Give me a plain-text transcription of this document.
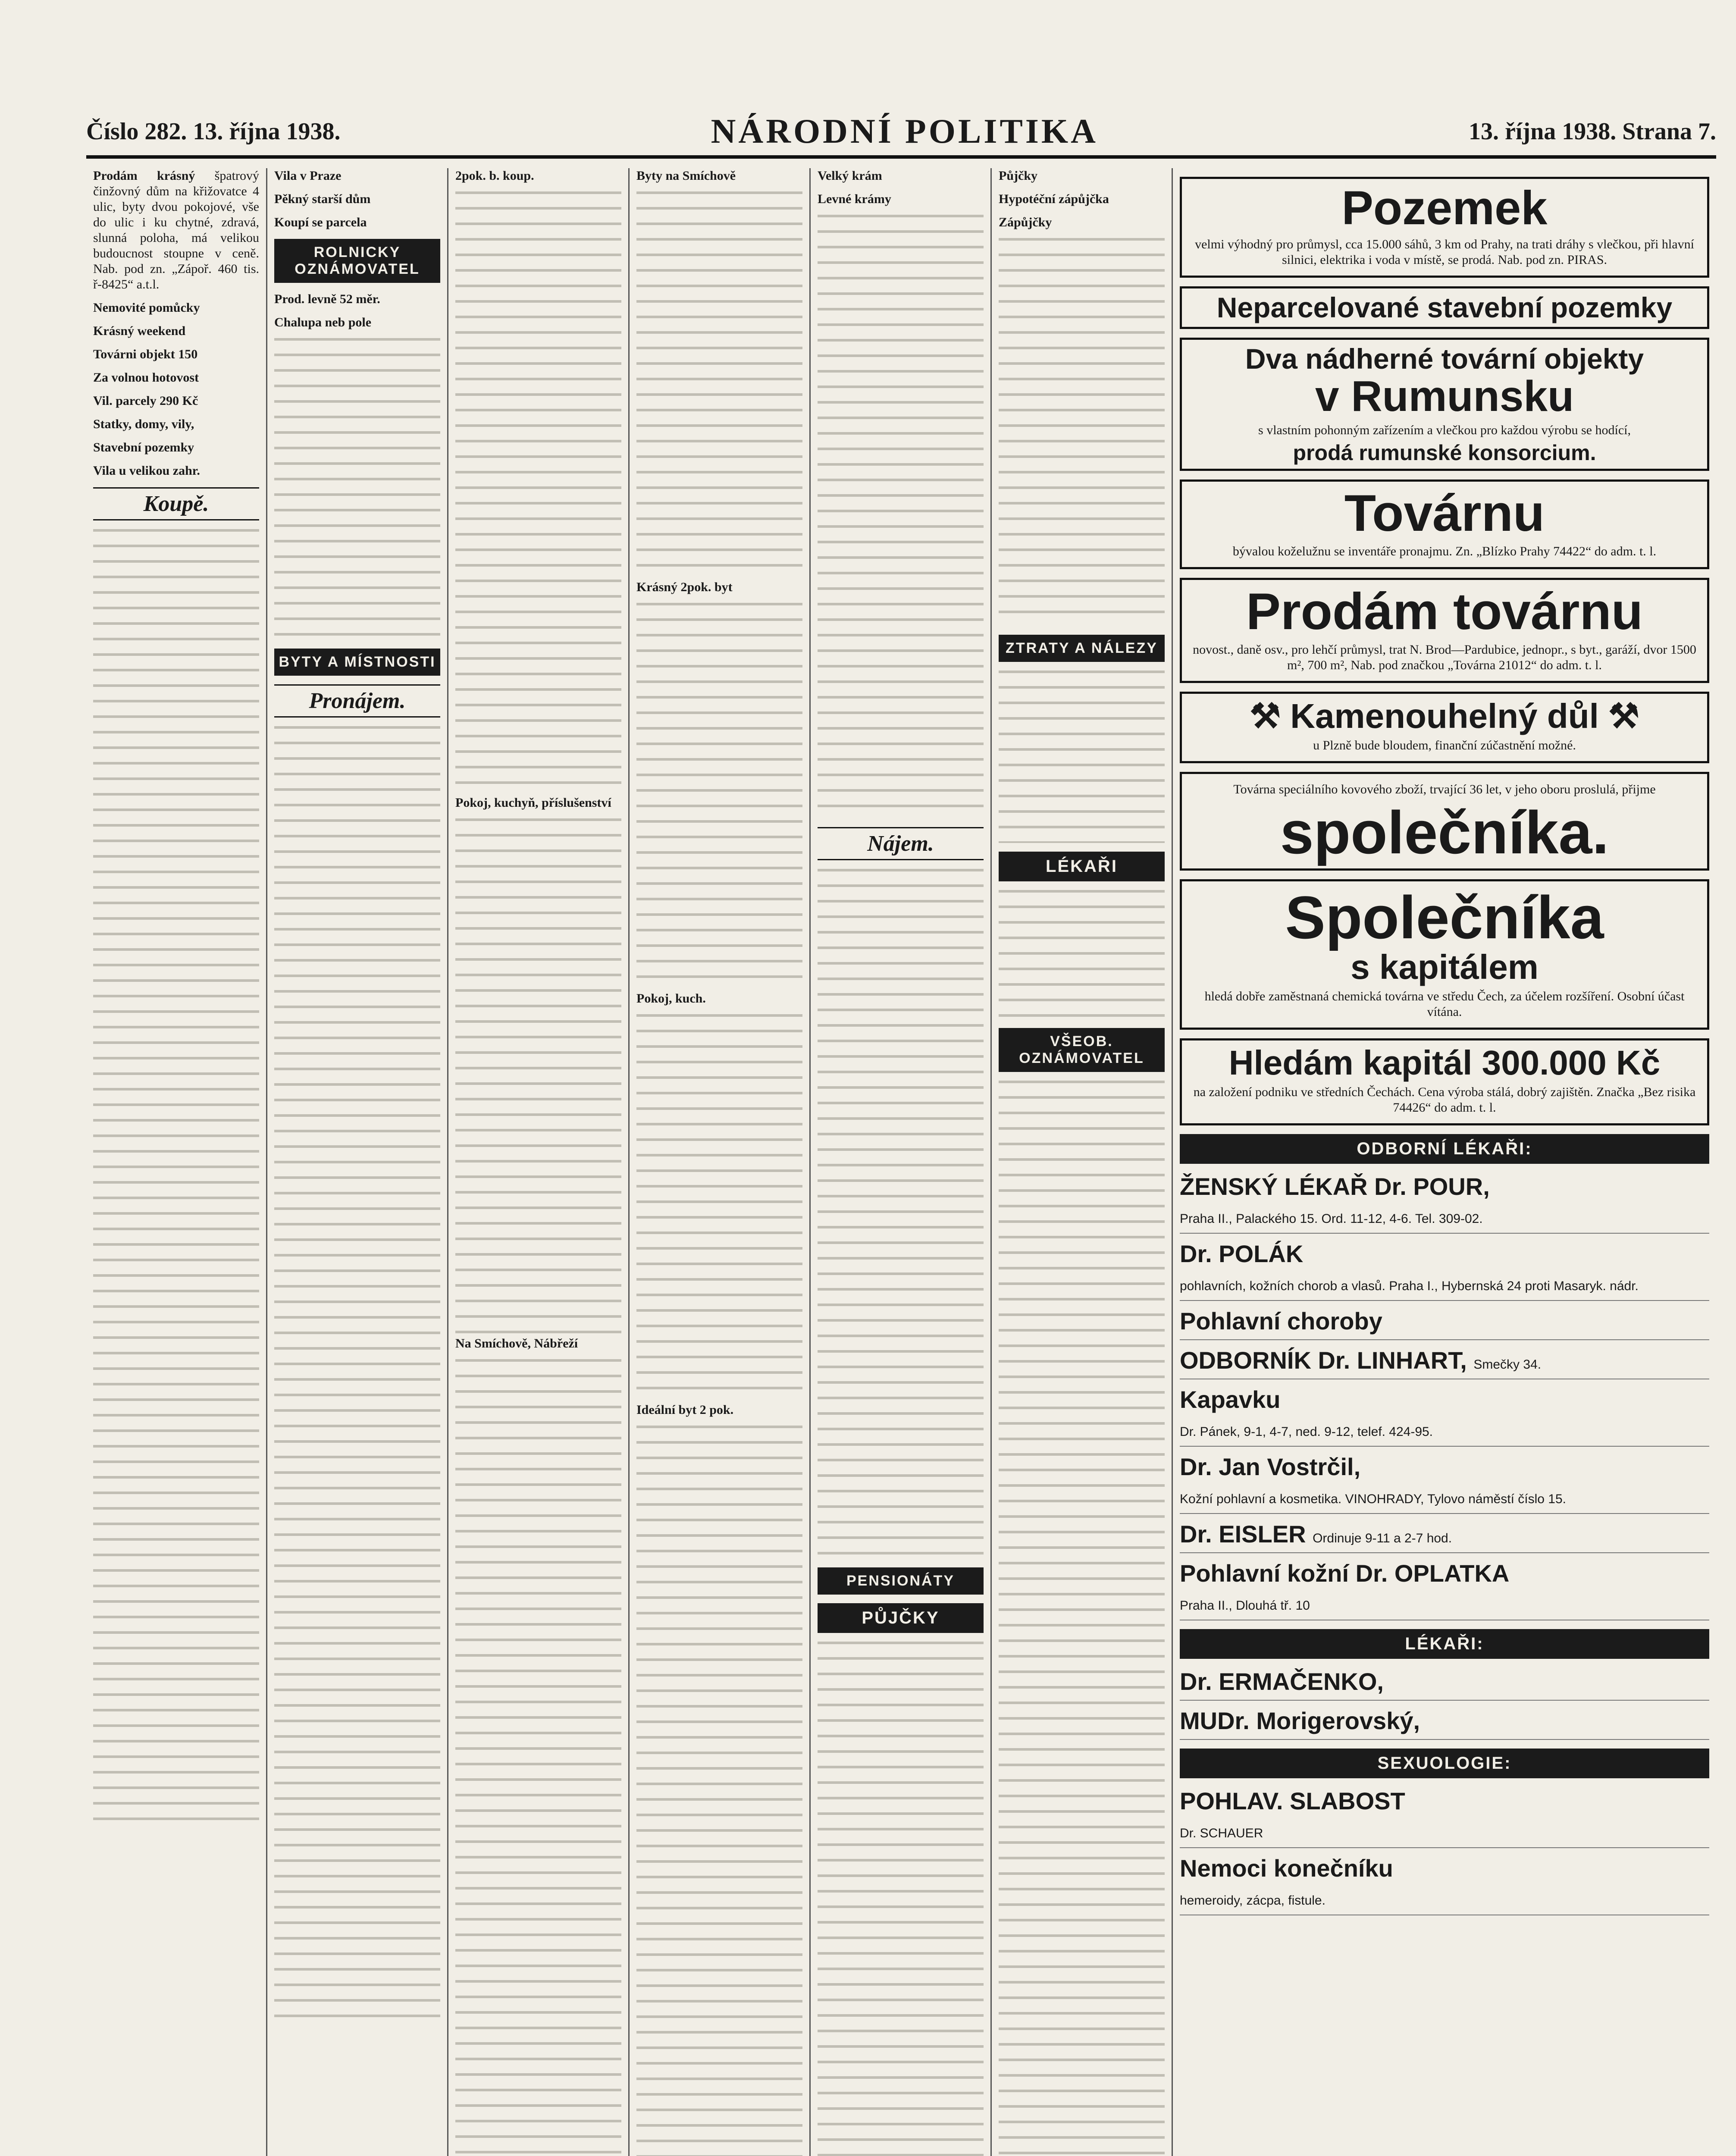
Číslo 282. 13. října 1938.	NÁRODNÍ POLITIKA	13. října 1938. Strana 7.

Prodám krásný špatrový činžovný dům na křižovatce 4 ulic, byty dvou pokojové, vše do ulic i ku chytné, zdravá, slunná poloha, má velikou budoucnost stoupne v ceně. Nab. pod zn. „Zápoř. 460 tis. ř-8425“ a.t.l.

Nemovité pomůcky

Krásný weekend

Továrni objekt 150

Za volnou hotovost

Vil. parcely 290 Kč

Statky, domy, vily,

Stavební pozemky

Vila u velikou zahr.

Koupě.

Vila v Praze

Pěkný starší dům

Koupí se parcela

ROLNICKY OZNÁMOVATEL

Prod. levně 52 měr.

Chalupa neb pole

BYTY A MÍSTNOSTI
Pronájem.

2pok. b. koup.

Pokoj, kuchyň, příslušenství

Na Smíchově, Nábřeží

Byty na Smíchově

Krásný 2pok. byt

Pokoj, kuch.

Ideální byt 2 pok.

Velký krám

Levné krámy

Nájem.
PENSIONÁTY
PŮJČKY

Půjčky

Hypotéční zápůjčka

Zápůjčky

ZTRATY A NÁLEZY
LÉKAŘI
VŠEOB. OZNÁMOVATEL
Pozemek
velmi výhodný pro průmysl, cca 15.000 sáhů, 3 km od Prahy, na trati dráhy s vlečkou, při hlavní silnici, elektrika i voda v místě, se prodá. Nab. pod zn. PIRAS.
Neparcelované stavební pozemky
Dva nádherné tovární objekty
v Rumunsku
s vlastním pohonným zařízením a vlečkou pro každou výrobu se hodící,
prodá rumunské konsorcium.
Továrnu
bývalou koželužnu se inventáře pronajmu. Zn. „Blízko Prahy 74422“ do adm. t. l.
Prodám továrnu
novost., daně osv., pro lehčí průmysl, trat N. Brod—Pardubice, jednopr., s byt., garáží, dvor 1500 m², 700 m², Nab. pod značkou „Továrna 21012“ do adm. t. l.
⚒ Kamenouhelný důl ⚒
u Plzně bude bloudem, finanční zúčastnění možné.
Továrna speciálního kovového zboží, trvající 36 let, v jeho oboru proslulá, přijme
společníka.
Společníka
s kapitálem
hledá dobře zaměstnaná chemická továrna ve středu Čech, za účelem rozšíření. Osobní účast vítána.
Hledám kapitál 300.000 Kč
na založení podniku ve středních Čechách. Cena výroba stálá, dobrý zajištěn. Značka „Bez risika 74426“ do adm. t. l.
ODBORNÍ LÉKAŘI:
ŽENSKÝ LÉKAŘ Dr. POUR,
Praha II., Palackého 15. Ord. 11-12, 4-6. Tel. 309-02.
Dr. POLÁK
pohlavních, kožních chorob a vlasů. Praha I., Hybernská 24 proti Masaryk. nádr.
Pohlavní choroby
ODBORNÍK Dr. LINHART, Smečky 34.
Kapavku
Dr. Pánek, 9-1, 4-7, ned. 9-12, telef. 424-95.
Dr. Jan Vostrčil,
Kožní pohlavní a kosmetika. VINOHRADY, Tylovo náměstí číslo 15.
Dr. EISLER Ordinuje 9-11 a 2-7 hod.
Pohlavní kožní Dr. OPLATKA
Praha II., Dlouhá tř. 10
LÉKAŘI:
Dr. ERMAČENKO,
MUDr. Morigerovský,
SEXUOLOGIE:
POHLAV. SLABOST
Dr. SCHAUER
Nemoci konečníku
hemeroidy, zácpa, fistule.
